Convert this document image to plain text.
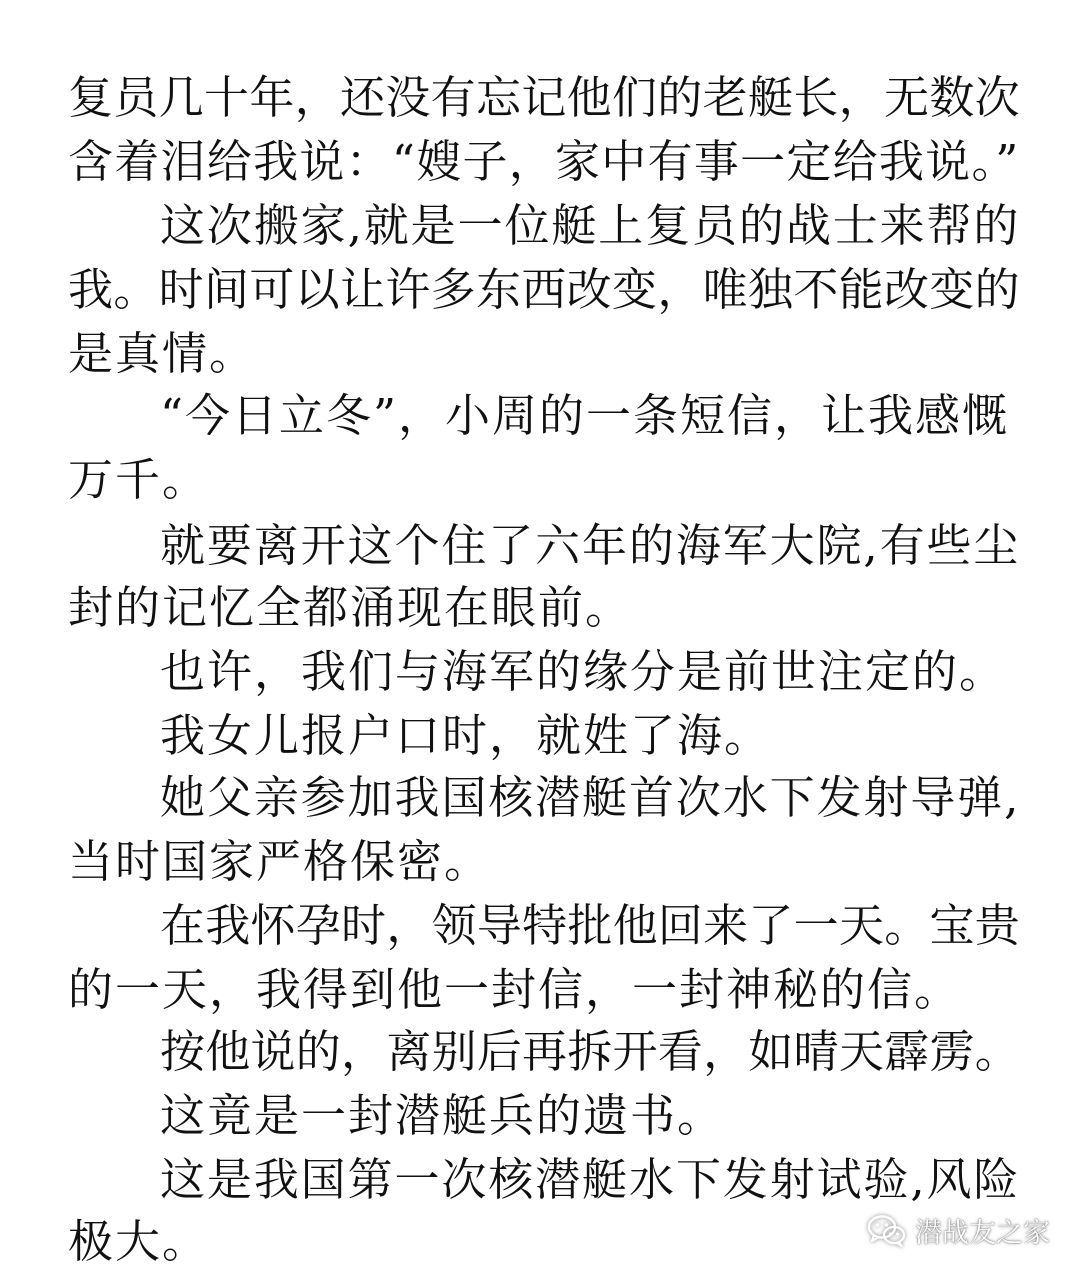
复员几十年，还没有忘记他们的老艇长，无数次
含着泪给我说：“嫂子，家中有事一定给我说。”
这次搬家,就是一位艇上复员的战士来帮的
我。时间可以让许多东西改变，唯独不能改变的
是真情。
“今日立冬”，小周的一条短信，让我感慨
万千。
就要离开这个住了六年的海军大院,有些尘
封的记忆全都涌现在眼前。
也许，我们与海军的缘分是前世注定的。
我女儿报户口时，就姓了海。
她父亲参加我国核潜艇首次水下发射导弹,
当时国家严格保密。
在我怀孕时，领导特批他回来了一天。宝贵
的一天，我得到他一封信，一封神秘的信。
按他说的，离别后再拆开看，如晴天霹雳。
这竟是一封潜艇兵的遗书。
这是我国第一次核潜艇水下发射试验,风险
极大。	潜战友之家
